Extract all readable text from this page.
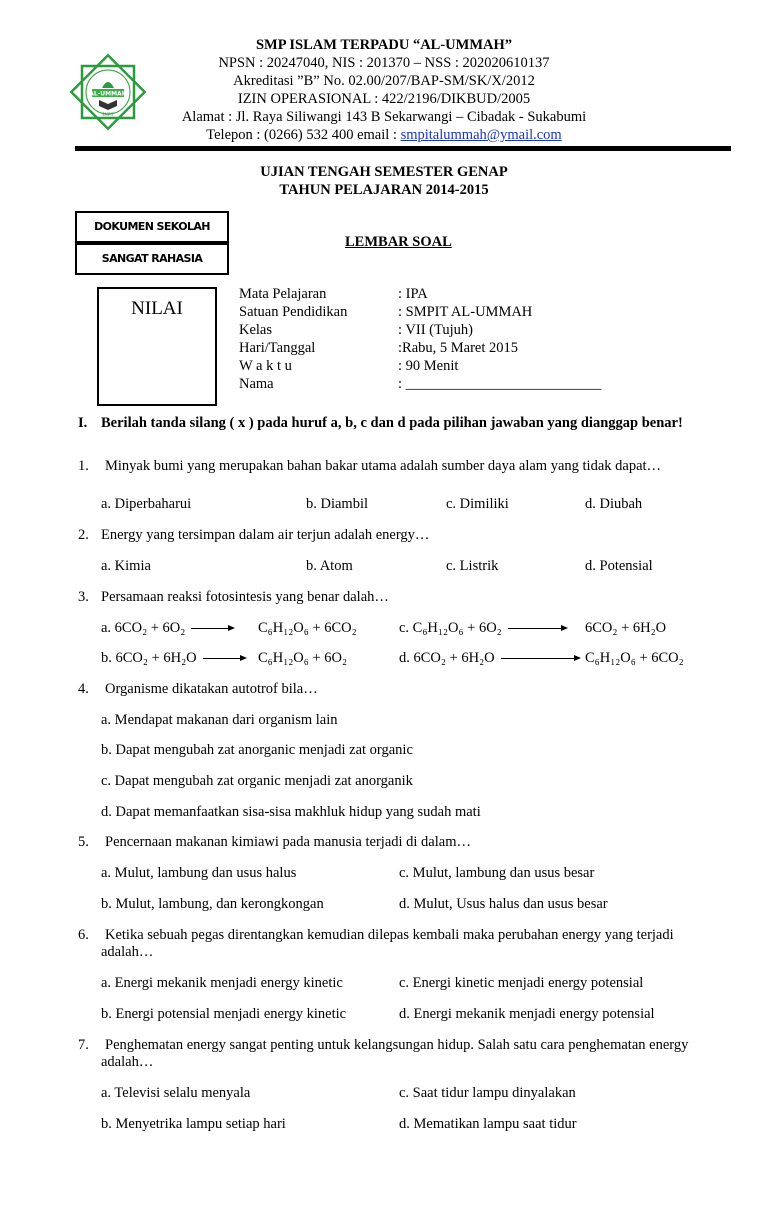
AL-UMMAH
SMPIT
SMP ISLAM TERPADU “AL-UMMAH”
NPSN : 20247040, NIS : 201370 – NSS : 202020610137
Akreditasi ”B” No. 02.00/207/BAP-SM/SK/X/2012
IZIN OPERASIONAL : 422/2196/DIKBUD/2005
Alamat : Jl. Raya Siliwangi 143 B Sekarwangi – Cibadak - Sukabumi
Telepon : (0266) 532 400 email : smpitalummah@ymail.com
UJIAN TENGAH SEMESTER GENAP
TAHUN PELAJARAN 2014-2015
DOKUMEN SEKOLAH
SANGAT RAHASIA
LEMBAR SOAL
NILAI
Mata Pelajaran	: IPA
Satuan Pendidikan	: SMPIT AL-UMMAH
Kelas	: VII (Tujuh)
Hari/Tanggal	:Rabu, 5 Maret 2015
W a k t u	: 90 Menit
Nama	: ___________________________
I. Berilah tanda silang ( x ) pada huruf a, b, c dan d pada pilihan jawaban yang dianggap benar!
1. Minyak bumi yang merupakan bahan bakar utama adalah sumber daya alam yang tidak dapat…
a. Diperbaharui	b. Diambil	c. Dimiliki	d. Diubah
2. Energy yang tersimpan dalam air terjun adalah energy…
a. Kimia	b. Atom	c. Listrik	d. Potensial
3. Persamaan reaksi fotosintesis yang benar dalah…
a. 6CO₂ + 6O₂	C₆H₁₂O₆ + 6CO₂	c. C₆H₁₂O₆ + 6O₂	6CO₂ + 6H₂O
b. 6CO₂ + 6H₂O	C₆H₁₂O₆ + 6O₂	d. 6CO₂ + 6H₂O	C₆H₁₂O₆ + 6CO₂
4. Organisme dikatakan autotrof bila…
a. Mendapat makanan dari organism lain
b. Dapat mengubah zat anorganic menjadi zat organic
c. Dapat mengubah zat organic menjadi zat anorganik
d. Dapat memanfaatkan sisa-sisa makhluk hidup yang sudah mati
5. Pencernaan makanan kimiawi pada manusia terjadi di dalam…
a. Mulut, lambung dan usus halus	c. Mulut, lambung dan usus besar
b. Mulut, lambung, dan kerongkongan	d. Mulut, Usus halus dan usus besar
6. Ketika sebuah pegas direntangkan kemudian dilepas kembali maka perubahan energy yang terjadi
adalah…
a. Energi mekanik menjadi energy kinetic	c. Energi kinetic menjadi energy potensial
b. Energi potensial menjadi energy kinetic	d. Energi mekanik menjadi energy potensial
7. Penghematan energy sangat penting untuk kelangsungan hidup. Salah satu cara penghematan energy
adalah…
a. Televisi selalu menyala	c. Saat tidur lampu dinyalakan
b. Menyetrika lampu setiap hari	d. Mematikan lampu saat tidur
